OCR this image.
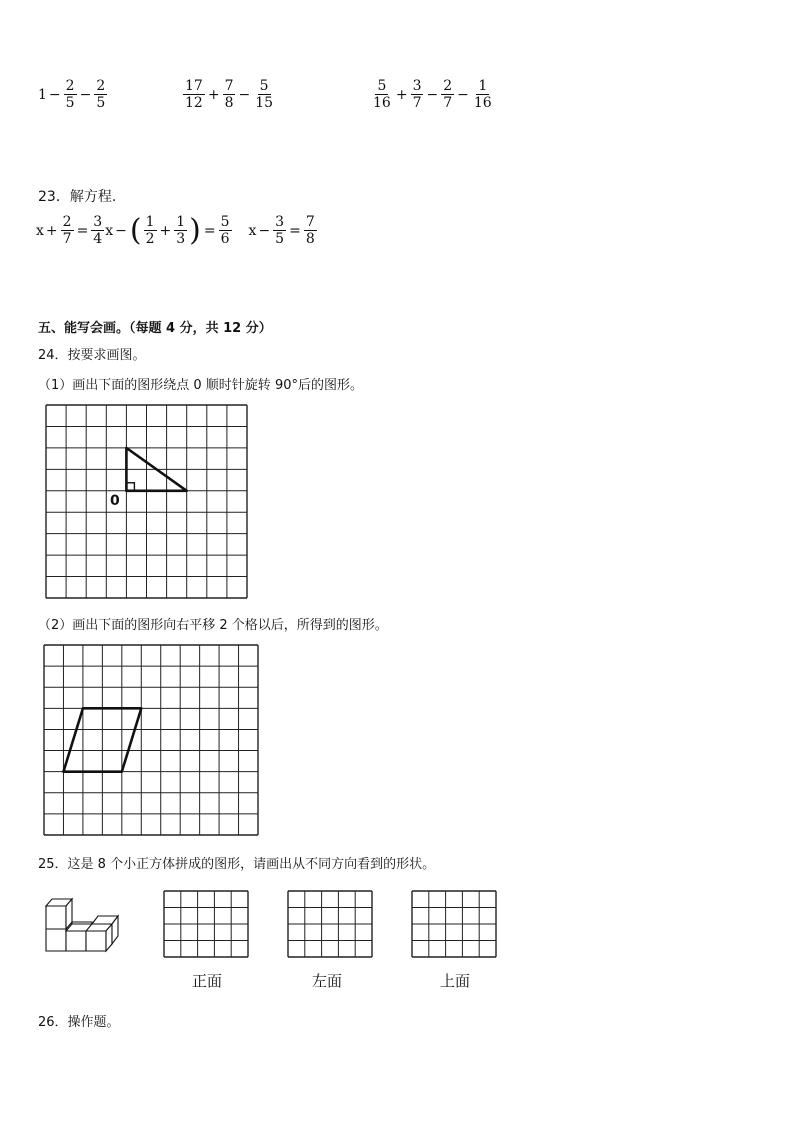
$1 - \frac{2}{5} - \frac{2}{5}$	$\frac{17}{12} + \frac{7}{8} - \frac{5}{15}$	$\frac{5}{16} + \frac{3}{7} - \frac{2}{7} - \frac{1}{16}$
23．解方程.
$x + \frac{2}{7} = \frac{3}{4}$ x − ( $\frac{1}{2} + \frac{1}{3}$ ) = $\frac{5}{6}$ $x - \frac{3}{5} = \frac{7}{8}$
五、能写会画。（每题 4 分，共 12 分）
24．按要求画图。
（1）画出下面的图形绕点 0 顺时针旋转 90°后的图形。
0
（2）画出下面的图形向右平移 2 个格以后，所得到的图形。
25．这是 8 个小正方体拼成的图形，请画出从不同方向看到的形状。
正面	左面	上面
26．操作题。
